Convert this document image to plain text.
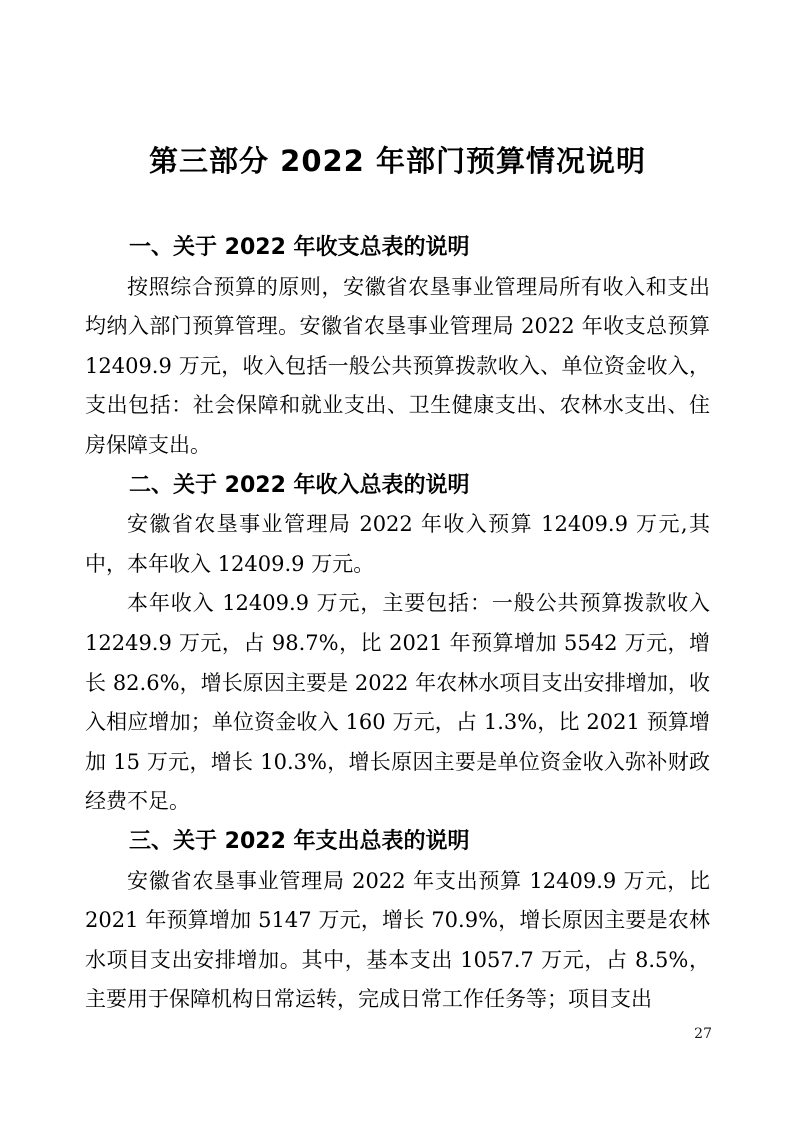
第三部分 2022 年部门预算情况说明
一、关于 2022 年收支总表的说明

按照综合预算的原则，安徽省农垦事业管理局所有收入和支出均纳入部门预算管理。安徽省农垦事业管理局 2022 年收支总预算 12409.9 万元，收入包括一般公共预算拨款收入、单位资金收入，支出包括：社会保障和就业支出、卫生健康支出、农林水支出、住房保障支出。

二、关于 2022 年收入总表的说明

安徽省农垦事业管理局 2022 年收入预算 12409.9 万元,其中，本年收入 12409.9 万元。

本年收入 12409.9 万元，主要包括：一般公共预算拨款收入 12249.9 万元，占 98.7%，比 2021 年预算增加 5542 万元，增长 82.6%，增长原因主要是 2022 年农林水项目支出安排增加，收入相应增加；单位资金收入 160 万元，占 1.3%，比 2021 预算增加 15 万元，增长 10.3%，增长原因主要是单位资金收入弥补财政经费不足。

三、关于 2022 年支出总表的说明

安徽省农垦事业管理局 2022 年支出预算 12409.9 万元，比 2021 年预算增加 5147 万元，增长 70.9%，增长原因主要是农林水项目支出安排增加。其中，基本支出 1057.7 万元，占 8.5%，主要用于保障机构日常运转，完成日常工作任务等；项目支出

27
